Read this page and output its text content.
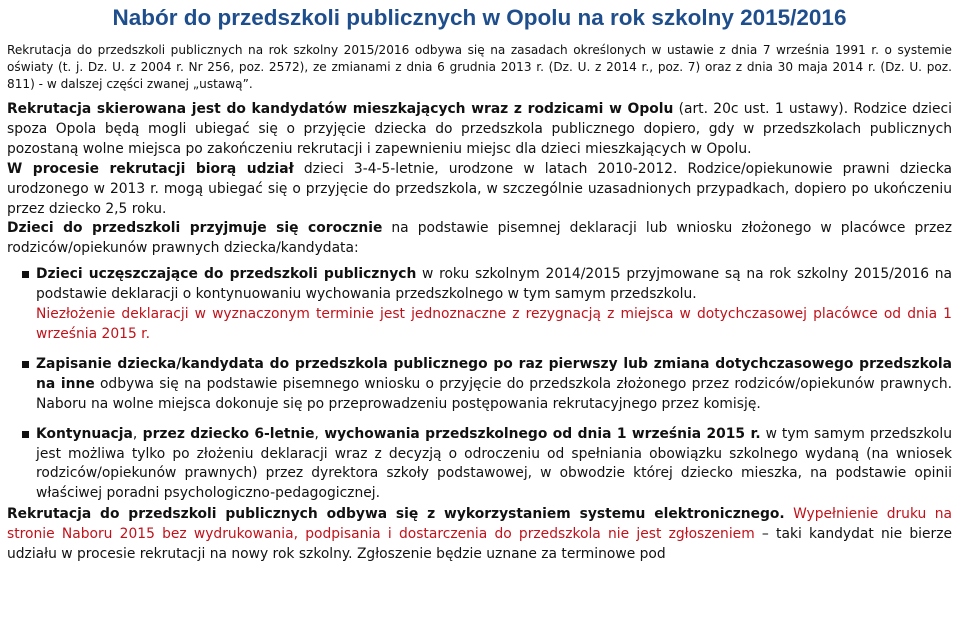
Nabór do przedszkoli publicznych w Opolu na rok szkolny 2015/2016
Rekrutacja do przedszkoli publicznych na rok szkolny 2015/2016 odbywa się na zasadach określonych w ustawie z dnia 7 września 1991 r. o systemie oświaty (t. j. Dz. U. z 2004 r. Nr 256, poz. 2572), ze zmianami z dnia 6 grudnia 2013 r. (Dz. U. z 2014 r., poz. 7) oraz z dnia 30 maja 2014 r. (Dz. U. poz. 811) - w dalszej części zwanej „ustawą”.

Rekrutacja skierowana jest do kandydatów mieszkających wraz z rodzicami w Opolu (art. 20c ust. 1 ustawy). Rodzice dzieci spoza Opola będą mogli ubiegać się o przyjęcie dziecka do przedszkola publicznego dopiero, gdy w przedszkolach publicznych pozostaną wolne miejsca po zakończeniu rekrutacji i zapewnieniu miejsc dla dzieci mieszkających w Opolu.

W procesie rekrutacji biorą udział dzieci 3-4-5-letnie, urodzone w latach 2010-2012. Rodzice/opiekunowie prawni dziecka urodzonego w 2013 r. mogą ubiegać się o przyjęcie do przedszkola, w szczególnie uzasadnionych przypadkach, dopiero po ukończeniu przez dziecko 2,5 roku.

Dzieci do przedszkoli przyjmuje się corocznie na podstawie pisemnej deklaracji lub wniosku złożonego w placówce przez rodziców/opiekunów prawnych dziecka/kandydata:

Dzieci uczęszczające do przedszkoli publicznych w roku szkolnym 2014/2015 przyjmowane są na rok szkolny 2015/2016 na podstawie deklaracji o kontynuowaniu wychowania przedszkolnego w tym samym przedszkolu.
Niezłożenie deklaracji w wyznaczonym terminie jest jednoznaczne z rezygnacją z miejsca w dotychczasowej placówce od dnia 1 września 2015 r.
Zapisanie dziecka/kandydata do przedszkola publicznego po raz pierwszy lub zmiana dotychczasowego przedszkola na inne odbywa się na podstawie pisemnego wniosku o przyjęcie do przedszkola złożonego przez rodziców/opiekunów prawnych. Naboru na wolne miejsca dokonuje się po przeprowadzeniu postępowania rekrutacyjnego przez komisję.
Kontynuacja, przez dziecko 6-letnie, wychowania przedszkolnego od dnia 1 września 2015 r. w tym samym przedszkolu jest możliwa tylko po złożeniu deklaracji wraz z decyzją o odroczeniu od spełniania obowiązku szkolnego wydaną (na wniosek rodziców/opiekunów prawnych) przez dyrektora szkoły podstawowej, w obwodzie której dziecko mieszka, na podstawie opinii właściwej poradni psychologiczno-pedagogicznej.

Rekrutacja do przedszkoli publicznych odbywa się z wykorzystaniem systemu elektronicznego. Wypełnienie druku na stronie Naboru 2015 bez wydrukowania, podpisania i dostarczenia do przedszkola nie jest zgłoszeniem – taki kandydat nie bierze udziału w procesie rekrutacji na nowy rok szkolny. Zgłoszenie będzie uznane za terminowe pod
